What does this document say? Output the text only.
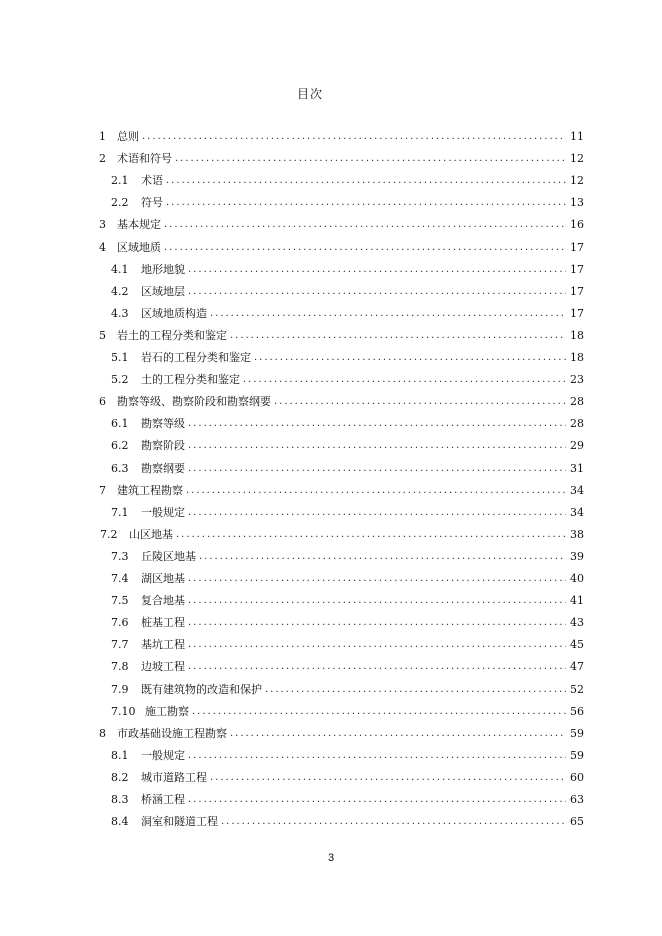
目次
1	总则 . . .	11
2	术语和符号 . . .	12
2.1	术语 . . .	12
2.2	符号 . . .	13
3	基本规定 . . .	16
4	区域地质 . . .	17
4.1	地形地貌 . . .	17
4.2	区域地层 . . .	17
4.3	区域地质构造 . . .	17
5	岩土的工程分类和鉴定 . . .	18
5.1	岩石的工程分类和鉴定 . . .	18
5.2	土的工程分类和鉴定 . . .	23
6	勘察等级、勘察阶段和勘察纲要 . . .	28
6.1	勘察等级 . . .	28
6.2	勘察阶段 . . .	29
6.3	勘察纲要 . . .	31
7	建筑工程勘察 . . .	34
7.1	一般规定 . . .	34
7.2	山区地基 . . .	38
7.3	丘陵区地基 . . .	39
7.4	湖区地基 . . .	40
7.5	复合地基 . . .	41
7.6	桩基工程 . . .	43
7.7	基坑工程 . . .	45
7.8	边坡工程 . . .	47
7.9	既有建筑物的改造和保护 . . .	52
7.10 施工勘察 . . .	56
8	市政基础设施工程勘察 . . .	59
8.1	一般规定 . . .	59
8.2	城市道路工程 . . .	60
8.3	桥涵工程 . . .	63
8.4	洞室和隧道工程 . . .	65
3
